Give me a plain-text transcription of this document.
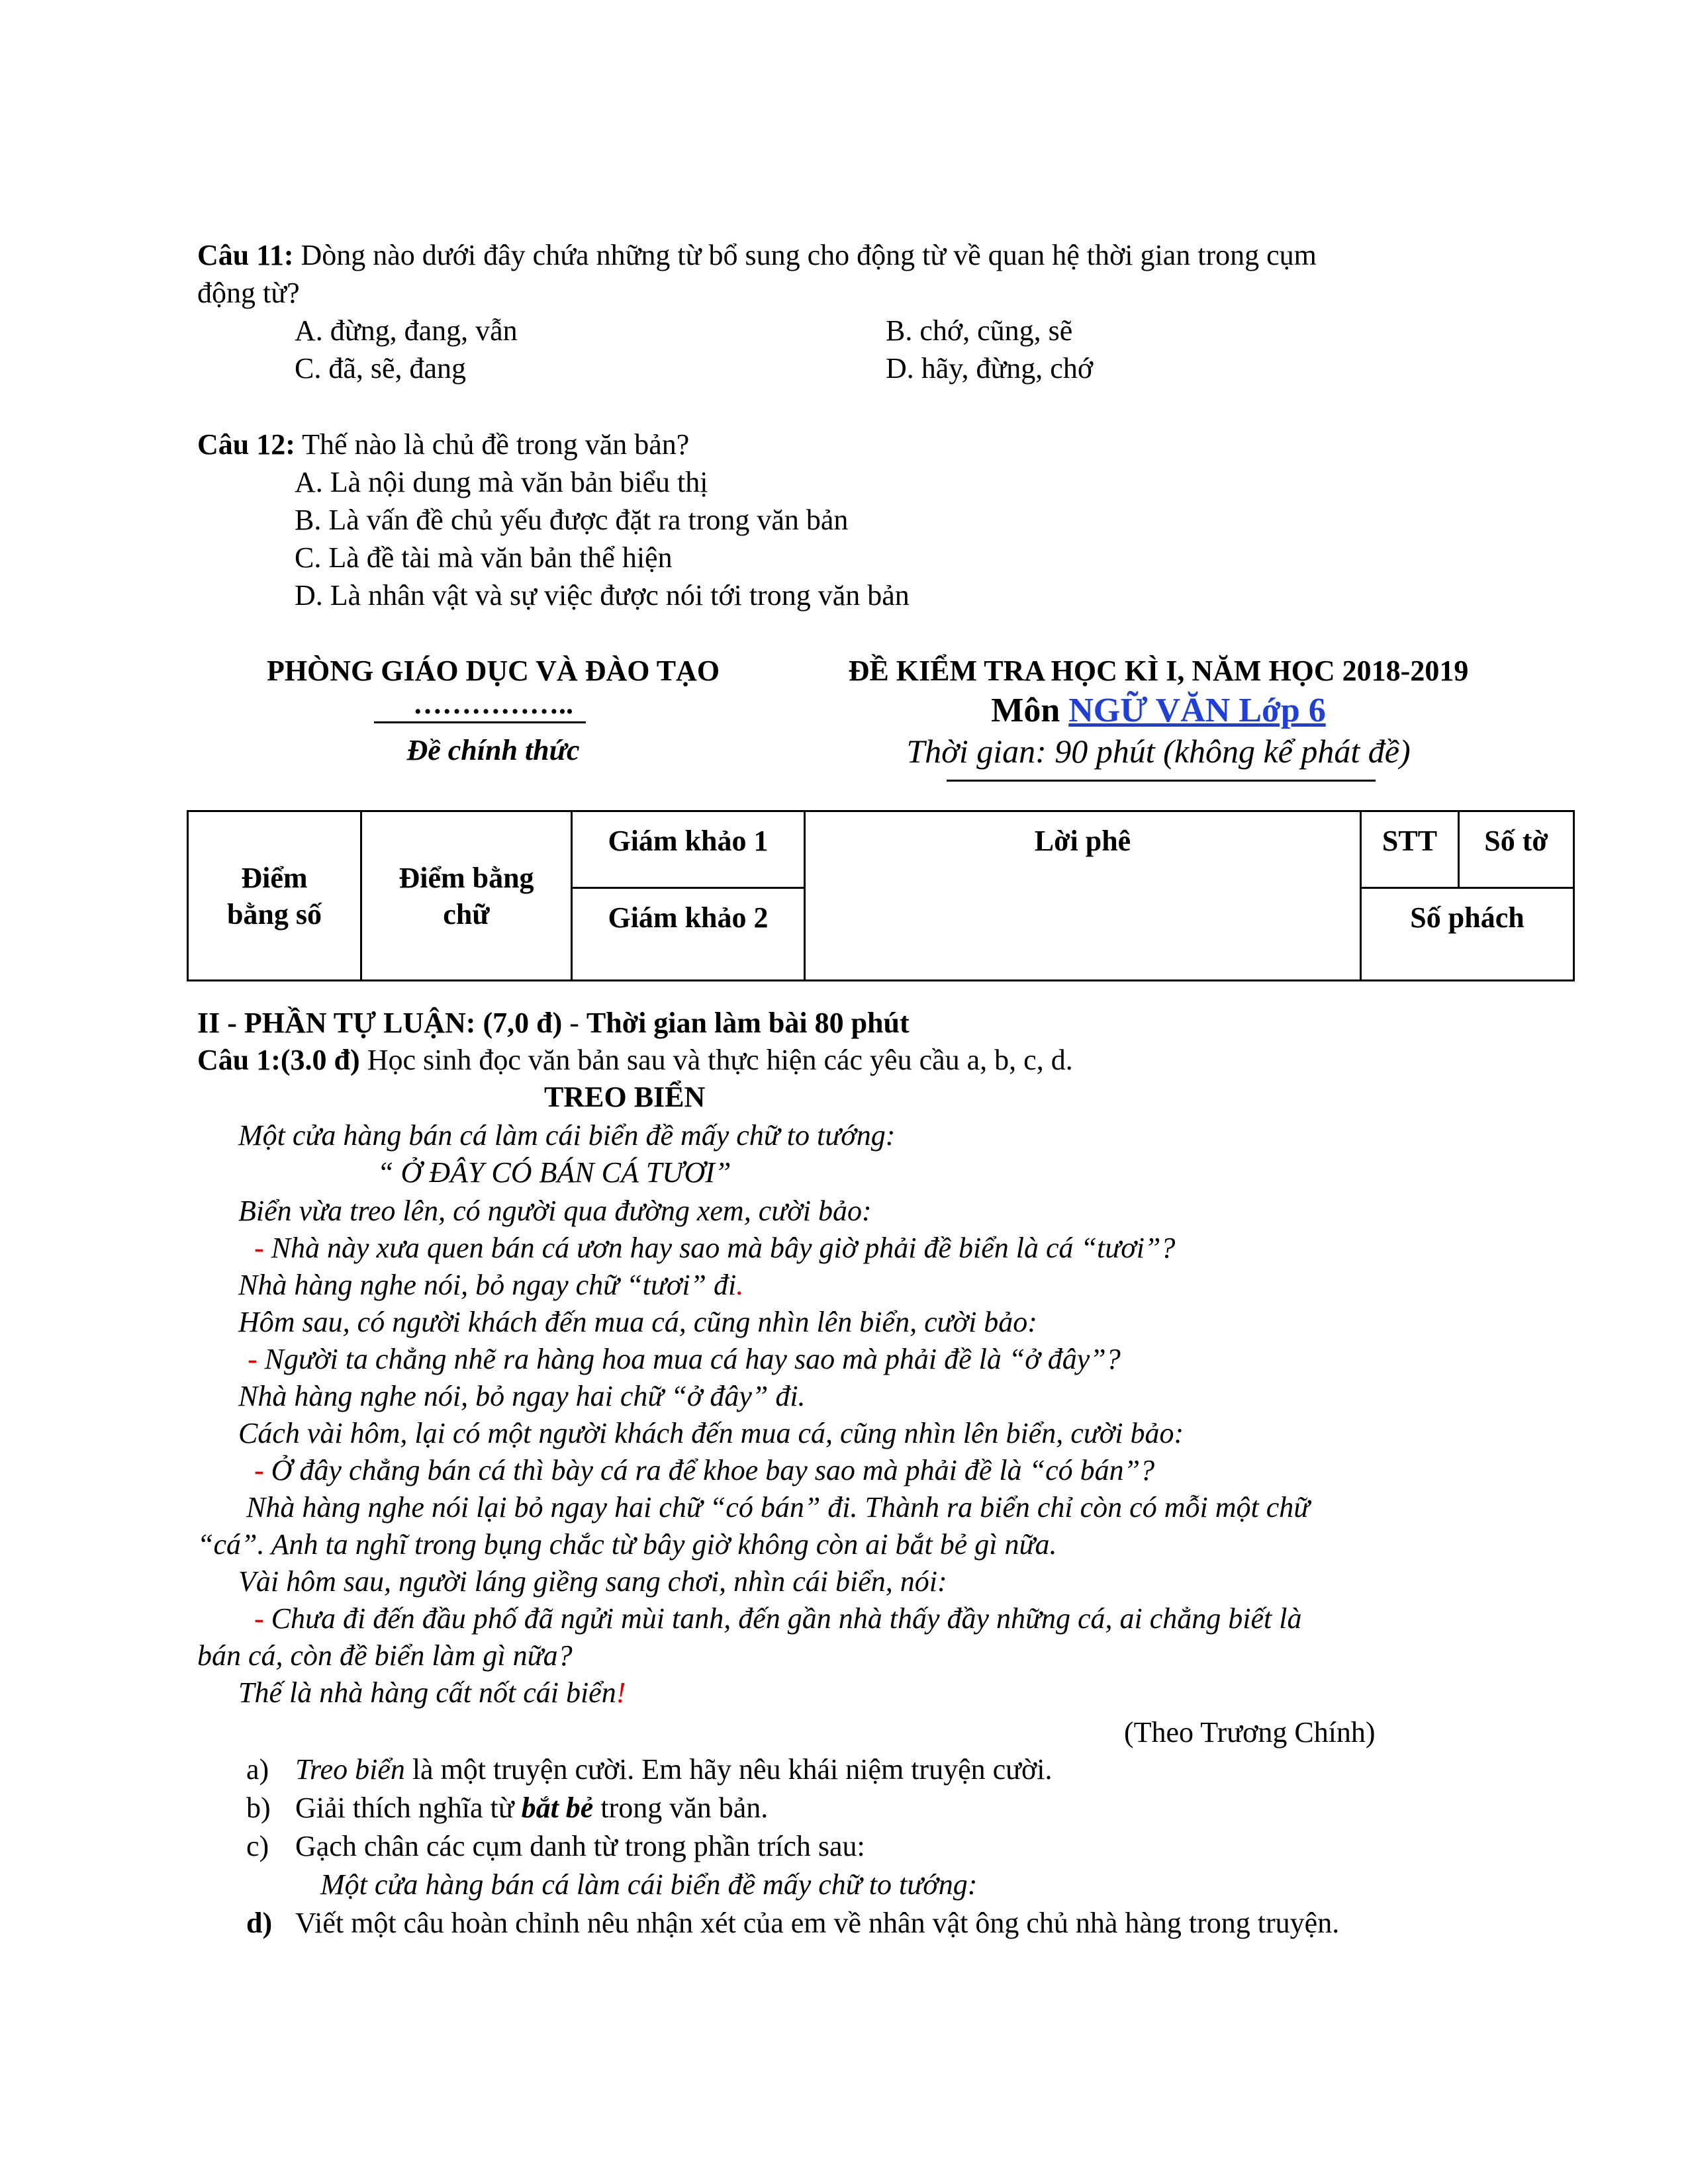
Câu 11: Dòng nào dưới đây chứa những từ bổ sung cho động từ về quan hệ thời gian trong cụm
động từ?
A. đừng, đang, vẫn	B. chớ, cũng, sẽ
C. đã, sẽ, đang	D. hãy, đừng, chớ
Câu 12: Thế nào là chủ đề trong văn bản?
A. Là nội dung mà văn bản biểu thị
B. Là vấn đề chủ yếu được đặt ra trong văn bản
C. Là đề tài mà văn bản thể hiện
D. Là nhân vật và sự việc được nói tới trong văn bản
PHÒNG GIÁO DỤC VÀ ĐÀO TẠO
……………..
Đề chính thức
ĐỀ KIỂM TRA HỌC KÌ I, NĂM HỌC 2018-2019
Môn NGỮ VĂN Lớp 6
Thời gian: 90 phút (không kể phát đề)
Điểm bằng số	Điểm bằng chữ	Giám khảo 1	Lời phê	STT	Số tờ
		Giám khảo 2		Số phách	
II - PHẦN TỰ LUẬN: (7,0 đ) - Thời gian làm bài 80 phút
Câu 1:(3.0 đ) Học sinh đọc văn bản sau và thực hiện các yêu cầu a, b, c, d.
TREO BIỂN
Một cửa hàng bán cá làm cái biển đề mấy chữ to tướng:
“ Ở ĐÂY CÓ BÁN CÁ TƯƠI”
Biển vừa treo lên, có người qua đường xem, cười bảo:
- Nhà này xưa quen bán cá ươn hay sao mà bây giờ phải đề biển là cá “tươi”?
Nhà hàng nghe nói, bỏ ngay chữ “tươi” đi.
Hôm sau, có người khách đến mua cá, cũng nhìn lên biển, cười bảo:
- Người ta chẳng nhẽ ra hàng hoa mua cá hay sao mà phải đề là “ở đây”?
Nhà hàng nghe nói, bỏ ngay hai chữ “ở đây” đi.
Cách vài hôm, lại có một người khách đến mua cá, cũng nhìn lên biển, cười bảo:
- Ở đây chẳng bán cá thì bày cá ra để khoe bay sao mà phải đề là “có bán”?
Nhà hàng nghe nói lại bỏ ngay hai chữ “có bán” đi. Thành ra biển chỉ còn có mỗi một chữ
“cá”. Anh ta nghĩ trong bụng chắc từ bây giờ không còn ai bắt bẻ gì nữa.
Vài hôm sau, người láng giềng sang chơi, nhìn cái biển, nói:
- Chưa đi đến đầu phố đã ngửi mùi tanh, đến gần nhà thấy đầy những cá, ai chẳng biết là
bán cá, còn đề biển làm gì nữa?
Thế là nhà hàng cất nốt cái biển!
(Theo Trương Chính)
a) Treo biển là một truyện cười. Em hãy nêu khái niệm truyện cười.
b) Giải thích nghĩa từ bắt bẻ trong văn bản.
c) Gạch chân các cụm danh từ trong phần trích sau:
Một cửa hàng bán cá làm cái biển đề mấy chữ to tướng:
d) Viết một câu hoàn chỉnh nêu nhận xét của em về nhân vật ông chủ nhà hàng trong truyện.
